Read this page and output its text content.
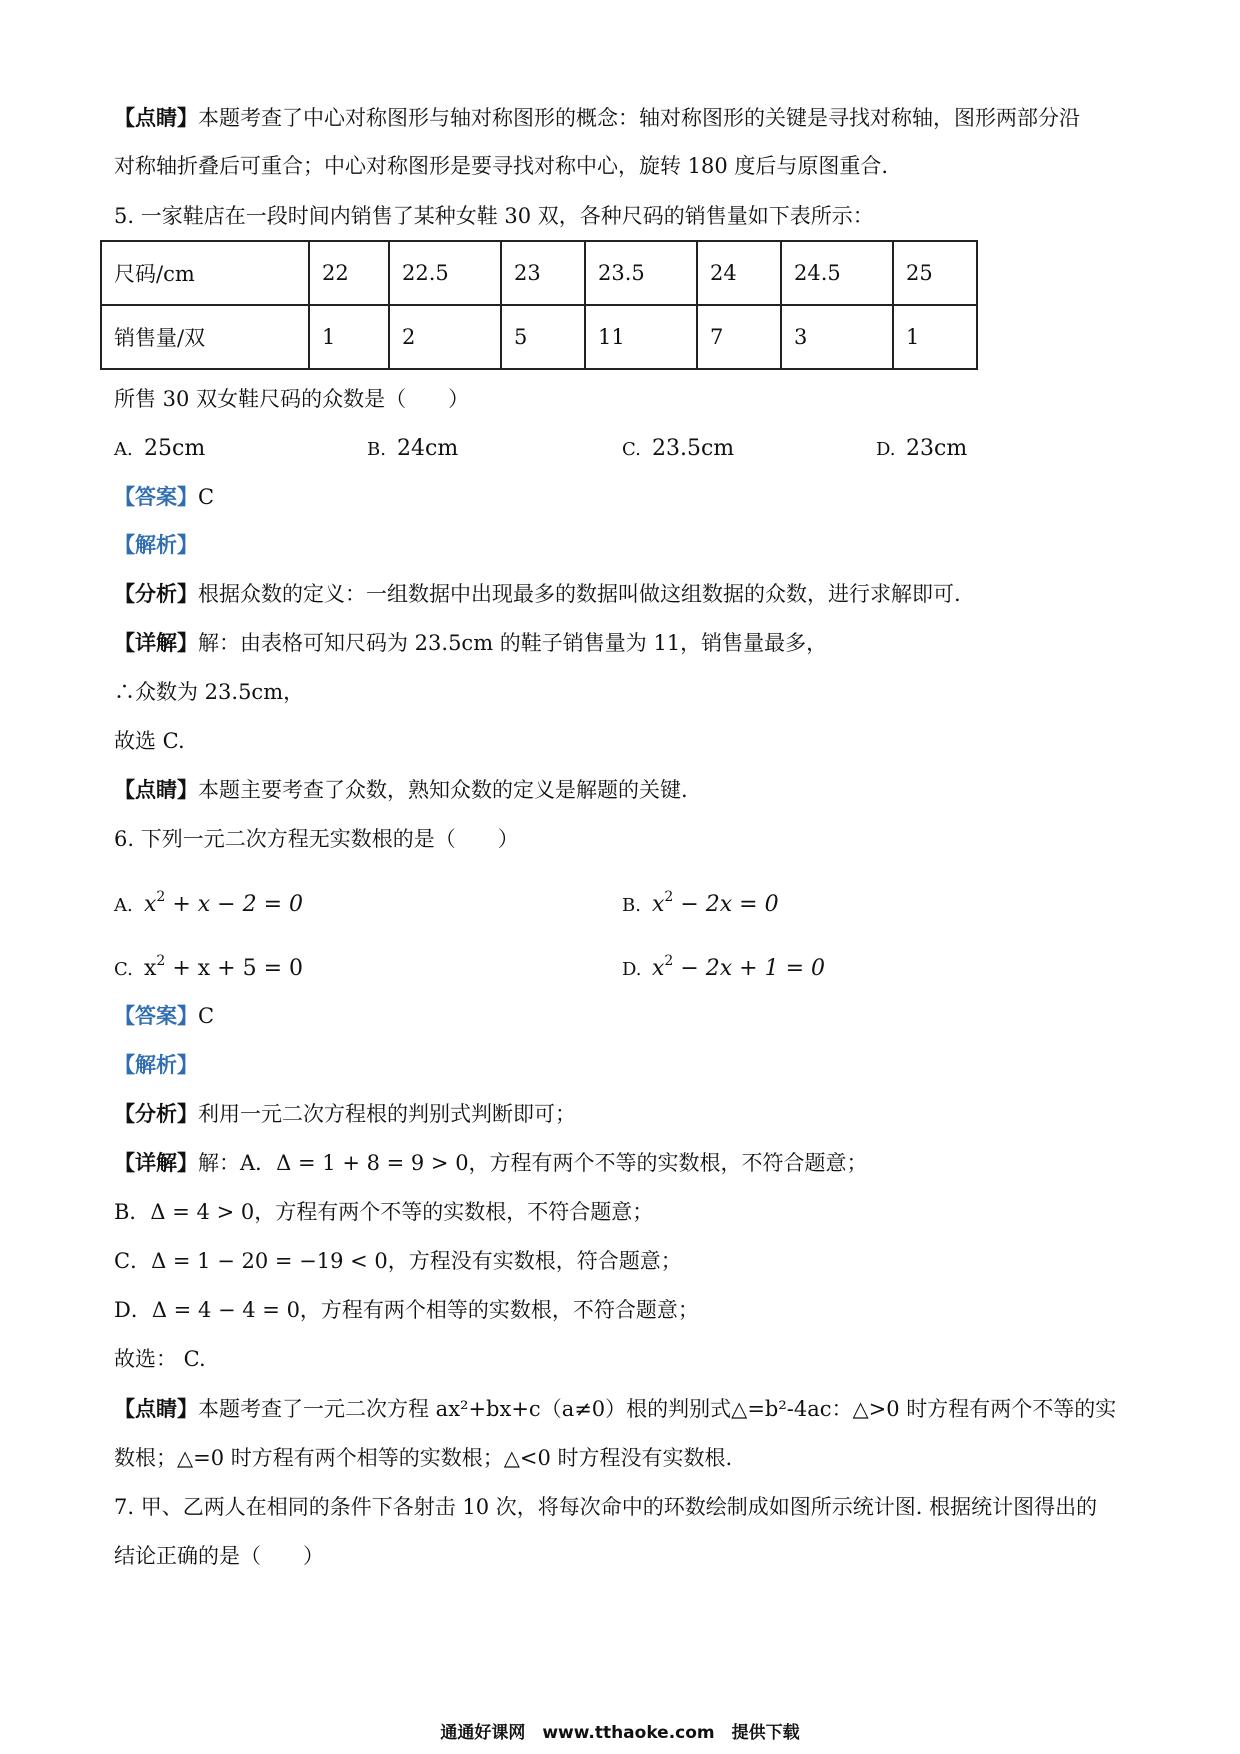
【点睛】本题考查了中心对称图形与轴对称图形的概念：轴对称图形的关键是寻找对称轴，图形两部分沿
对称轴折叠后可重合；中心对称图形是要寻找对称中心，旋转 180 度后与原图重合.
5. 一家鞋店在一段时间内销售了某种女鞋 30 双，各种尺码的销售量如下表所示：
尺码/cm	22	22.5	23	23.5	24	24.5	25
销售量/双	1	2	5	11	7	3	1
所售 30 双女鞋尺码的众数是（　　）
A. 25cm	B. 24cm	C. 23.5cm	D. 23cm
【答案】C
【解析】
【分析】根据众数的定义：一组数据中出现最多的数据叫做这组数据的众数，进行求解即可.
【详解】解：由表格可知尺码为 23.5cm 的鞋子销售量为 11，销售量最多，
∴众数为 23.5cm，
故选 C.
【点睛】本题主要考查了众数，熟知众数的定义是解题的关键.
6. 下列一元二次方程无实数根的是（　　）
A. $x^2 + x - 2 = 0$	B. $x^2 - 2x = 0$
C. $x^2 + x + 5 = 0$	D. $x^2 - 2x + 1 = 0$
【答案】C
【解析】
【分析】利用一元二次方程根的判别式判断即可；
【详解】解：A．Δ = 1 + 8 = 9 > 0，方程有两个不等的实数根，不符合题意；
B．Δ = 4 > 0，方程有两个不等的实数根，不符合题意；
C．Δ = 1 − 20 = −19 < 0，方程没有实数根，符合题意；
D．Δ = 4 − 4 = 0，方程有两个相等的实数根，不符合题意；
故选： C.
【点睛】本题考查了一元二次方程 ax²+bx+c（a≠0）根的判别式△=b²-4ac：△>0 时方程有两个不等的实
数根；△=0 时方程有两个相等的实数根；△<0 时方程没有实数根.
7. 甲、乙两人在相同的条件下各射击 10 次，将每次命中的环数绘制成如图所示统计图. 根据统计图得出的
结论正确的是（　　）
通通好课网　www.tthaoke.com　提供下载
